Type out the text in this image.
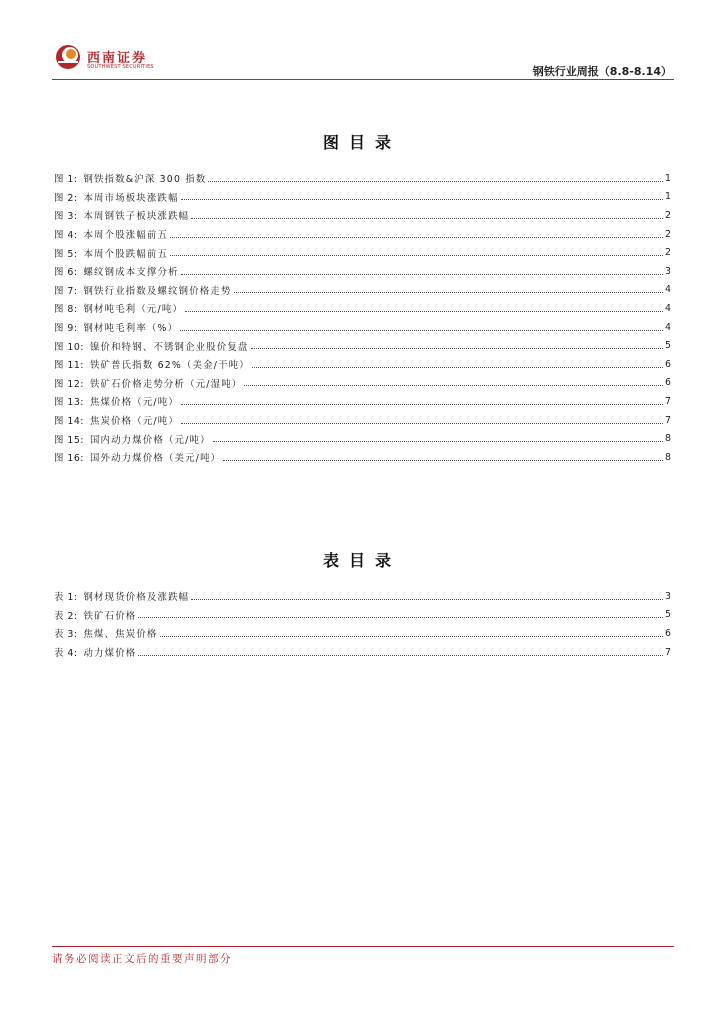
西南证券
SOUTHWEST SECURITIES	钢铁行业周报（8.8-8.14）
图目录
图 1: 钢铁指数&沪深 300 指数	1
图 2: 本周市场板块涨跌幅	1
图 3: 本周钢铁子板块涨跌幅	2
图 4: 本周个股涨幅前五	2
图 5: 本周个股跌幅前五	2
图 6: 螺纹钢成本支撑分析	3
图 7: 钢铁行业指数及螺纹钢价格走势	4
图 8: 钢材吨毛利（元/吨）	4
图 9: 钢材吨毛利率（%）	4
图 10: 镍价和特钢、不锈钢企业股价复盘	5
图 11: 铁矿普氏指数 62%（美金/干吨）	6
图 12: 铁矿石价格走势分析（元/湿吨）	6
图 13: 焦煤价格（元/吨）	7
图 14: 焦炭价格（元/吨）	7
图 15: 国内动力煤价格（元/吨）	8
图 16: 国外动力煤价格（美元/吨）	8
表目录
表 1: 钢材现货价格及涨跌幅	3
表 2: 铁矿石价格	5
表 3: 焦煤、焦炭价格	6
表 4: 动力煤价格	7
请务必阅读正文后的重要声明部分
